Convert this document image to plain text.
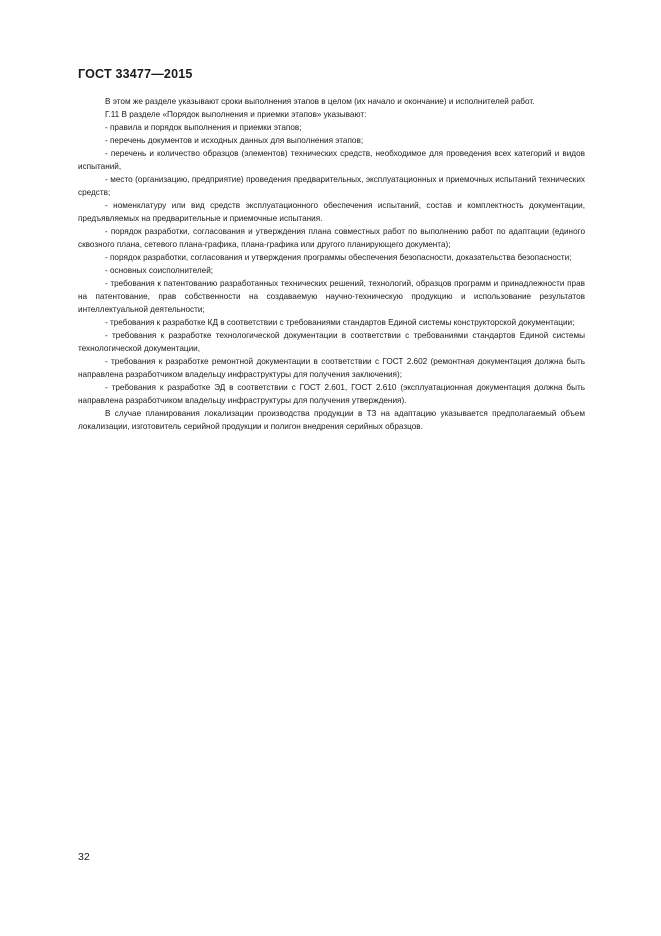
ГОСТ 33477—2015

В этом же разделе указывают сроки выполнения этапов в целом (их начало и окончание) и исполнителей работ.

Г.11 В разделе «Порядок выполнения и приемки этапов» указывают:

- правила и порядок выполнения и приемки этапов;

- перечень документов и исходных данных для выполнения этапов;

- перечень и количество образцов (элементов) технических средств, необходимое для проведения всех категорий и видов испытаний,

- место (организацию, предприятие) проведения предварительных, эксплуатационных и приемочных испытаний технических средств;

- номенклатуру или вид средств эксплуатационного обеспечения испытаний, состав и комплектность документации, предъявляемых на предварительные и приемочные испытания.

- порядок разработки, согласования и утверждения плана совместных работ по выполнению работ по адаптации (единого сквозного плана, сетевого плана-графика, плана-графика или другого планирующего документа);

- порядок разработки, согласования и утверждения программы обеспечения безопасности, доказательства безопасности;

- основных соисполнителей;

- требования к патентованию разработанных технических решений, технологий, образцов программ и принадлежности прав на патентование, прав собственности на создаваемую научно-техническую продукцию и использование результатов интеллектуальной деятельности;

- требования к разработке КД в соответствии с требованиями стандартов Единой системы конструкторской документации;

- требования к разработке технологической документации в соответствии с требованиями стандартов Единой системы технологической документации,

- требования к разработке ремонтной документации в соответствии с ГОСТ 2.602 (ремонтная документация должна быть направлена разработчиком владельцу инфраструктуры для получения заключения);

- требования к разработке ЭД в соответствии с ГОСТ 2.601, ГОСТ 2.610 (эксплуатационная документация должна быть направлена разработчиком владельцу инфраструктуры для получения утверждения).

В случае планирования локализации производства продукции в ТЗ на адаптацию указывается предполагаемый объем локализации, изготовитель серийной продукции и полигон внедрения серийных образцов.

32
